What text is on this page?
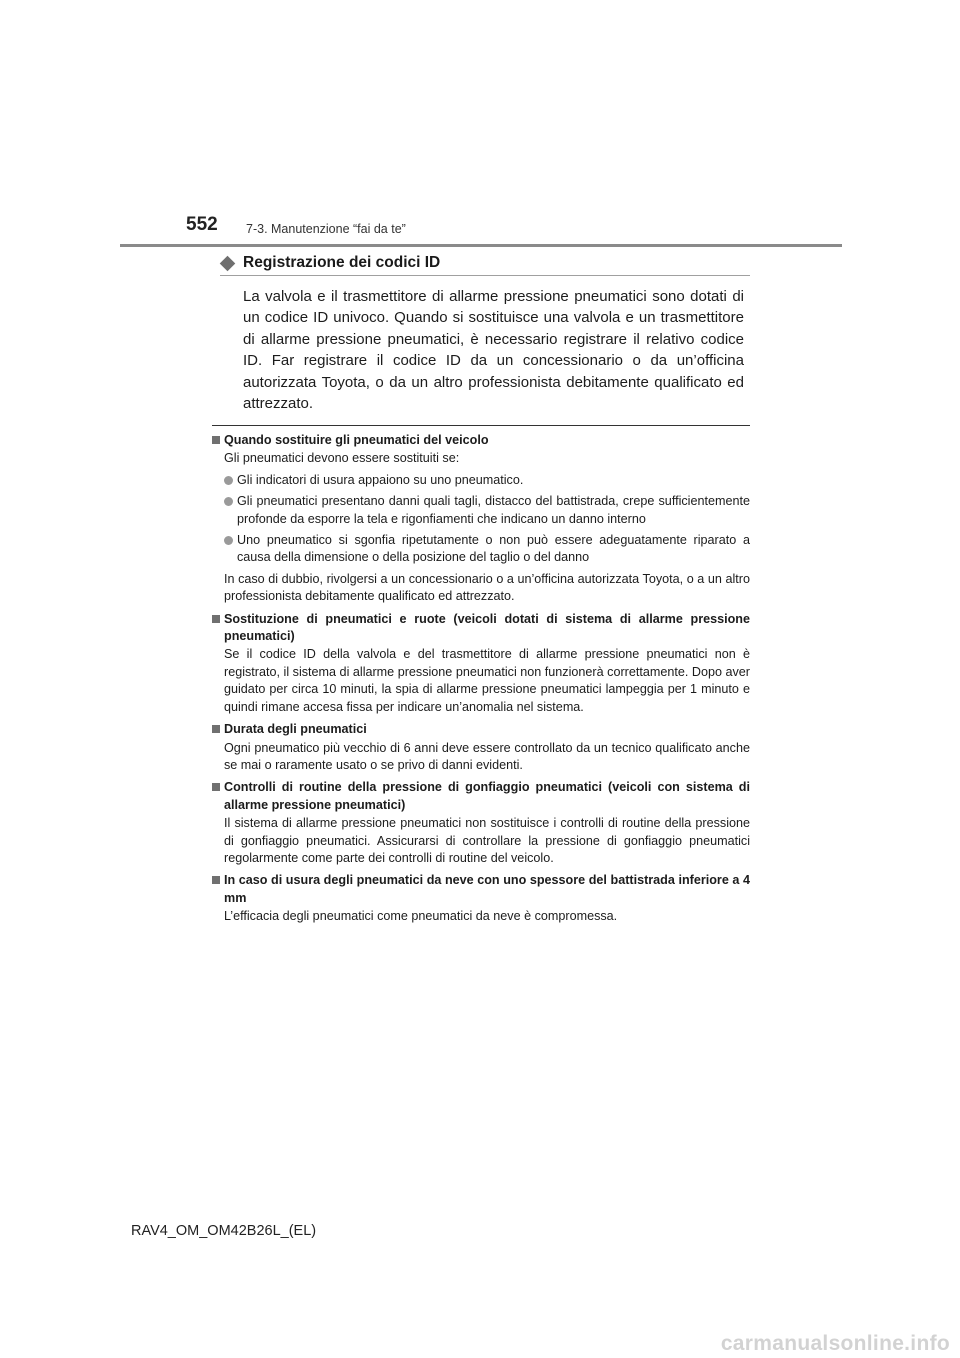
552 7-3. Manutenzione “fai da te”
Registrazione dei codici ID
La valvola e il trasmettitore di allarme pressione pneumatici sono dotati di un codice ID univoco. Quando si sostituisce una valvola e un trasmettitore di allarme pressione pneumatici, è necessario registrare il relativo codice ID. Far registrare il codice ID da un concessionario o da un’officina autorizzata Toyota, o da un altro professionista debitamente qualificato ed attrezzato.
Quando sostituire gli pneumatici del veicolo
Gli pneumatici devono essere sostituiti se:
Gli indicatori di usura appaiono su uno pneumatico.
Gli pneumatici presentano danni quali tagli, distacco del battistrada, crepe sufficientemente profonde da esporre la tela e rigonfiamenti che indicano un danno interno
Uno pneumatico si sgonfia ripetutamente o non può essere adeguatamente riparato a causa della dimensione o della posizione del taglio o del danno
In caso di dubbio, rivolgersi a un concessionario o a un’officina autorizzata Toyota, o a un altro professionista debitamente qualificato ed attrezzato.
Sostituzione di pneumatici e ruote (veicoli dotati di sistema di allarme pressione pneumatici)
Se il codice ID della valvola e del trasmettitore di allarme pressione pneumatici non è registrato, il sistema di allarme pressione pneumatici non funzionerà correttamente. Dopo aver guidato per circa 10 minuti, la spia di allarme pressione pneumatici lampeggia per 1 minuto e quindi rimane accesa fissa per indicare un’anomalia nel sistema.
Durata degli pneumatici
Ogni pneumatico più vecchio di 6 anni deve essere controllato da un tecnico qualificato anche se mai o raramente usato o se privo di danni evidenti.
Controlli di routine della pressione di gonfiaggio pneumatici (veicoli con sistema di allarme pressione pneumatici)
Il sistema di allarme pressione pneumatici non sostituisce i controlli di routine della pressione di gonfiaggio pneumatici. Assicurarsi di controllare la pressione di gonfiaggio pneumatici regolarmente come parte dei controlli di routine del veicolo.
In caso di usura degli pneumatici da neve con uno spessore del battistrada inferiore a 4 mm
L’efficacia degli pneumatici come pneumatici da neve è compromessa.
RAV4_OM_OM42B26L_(EL)
carmanualsonline.info
